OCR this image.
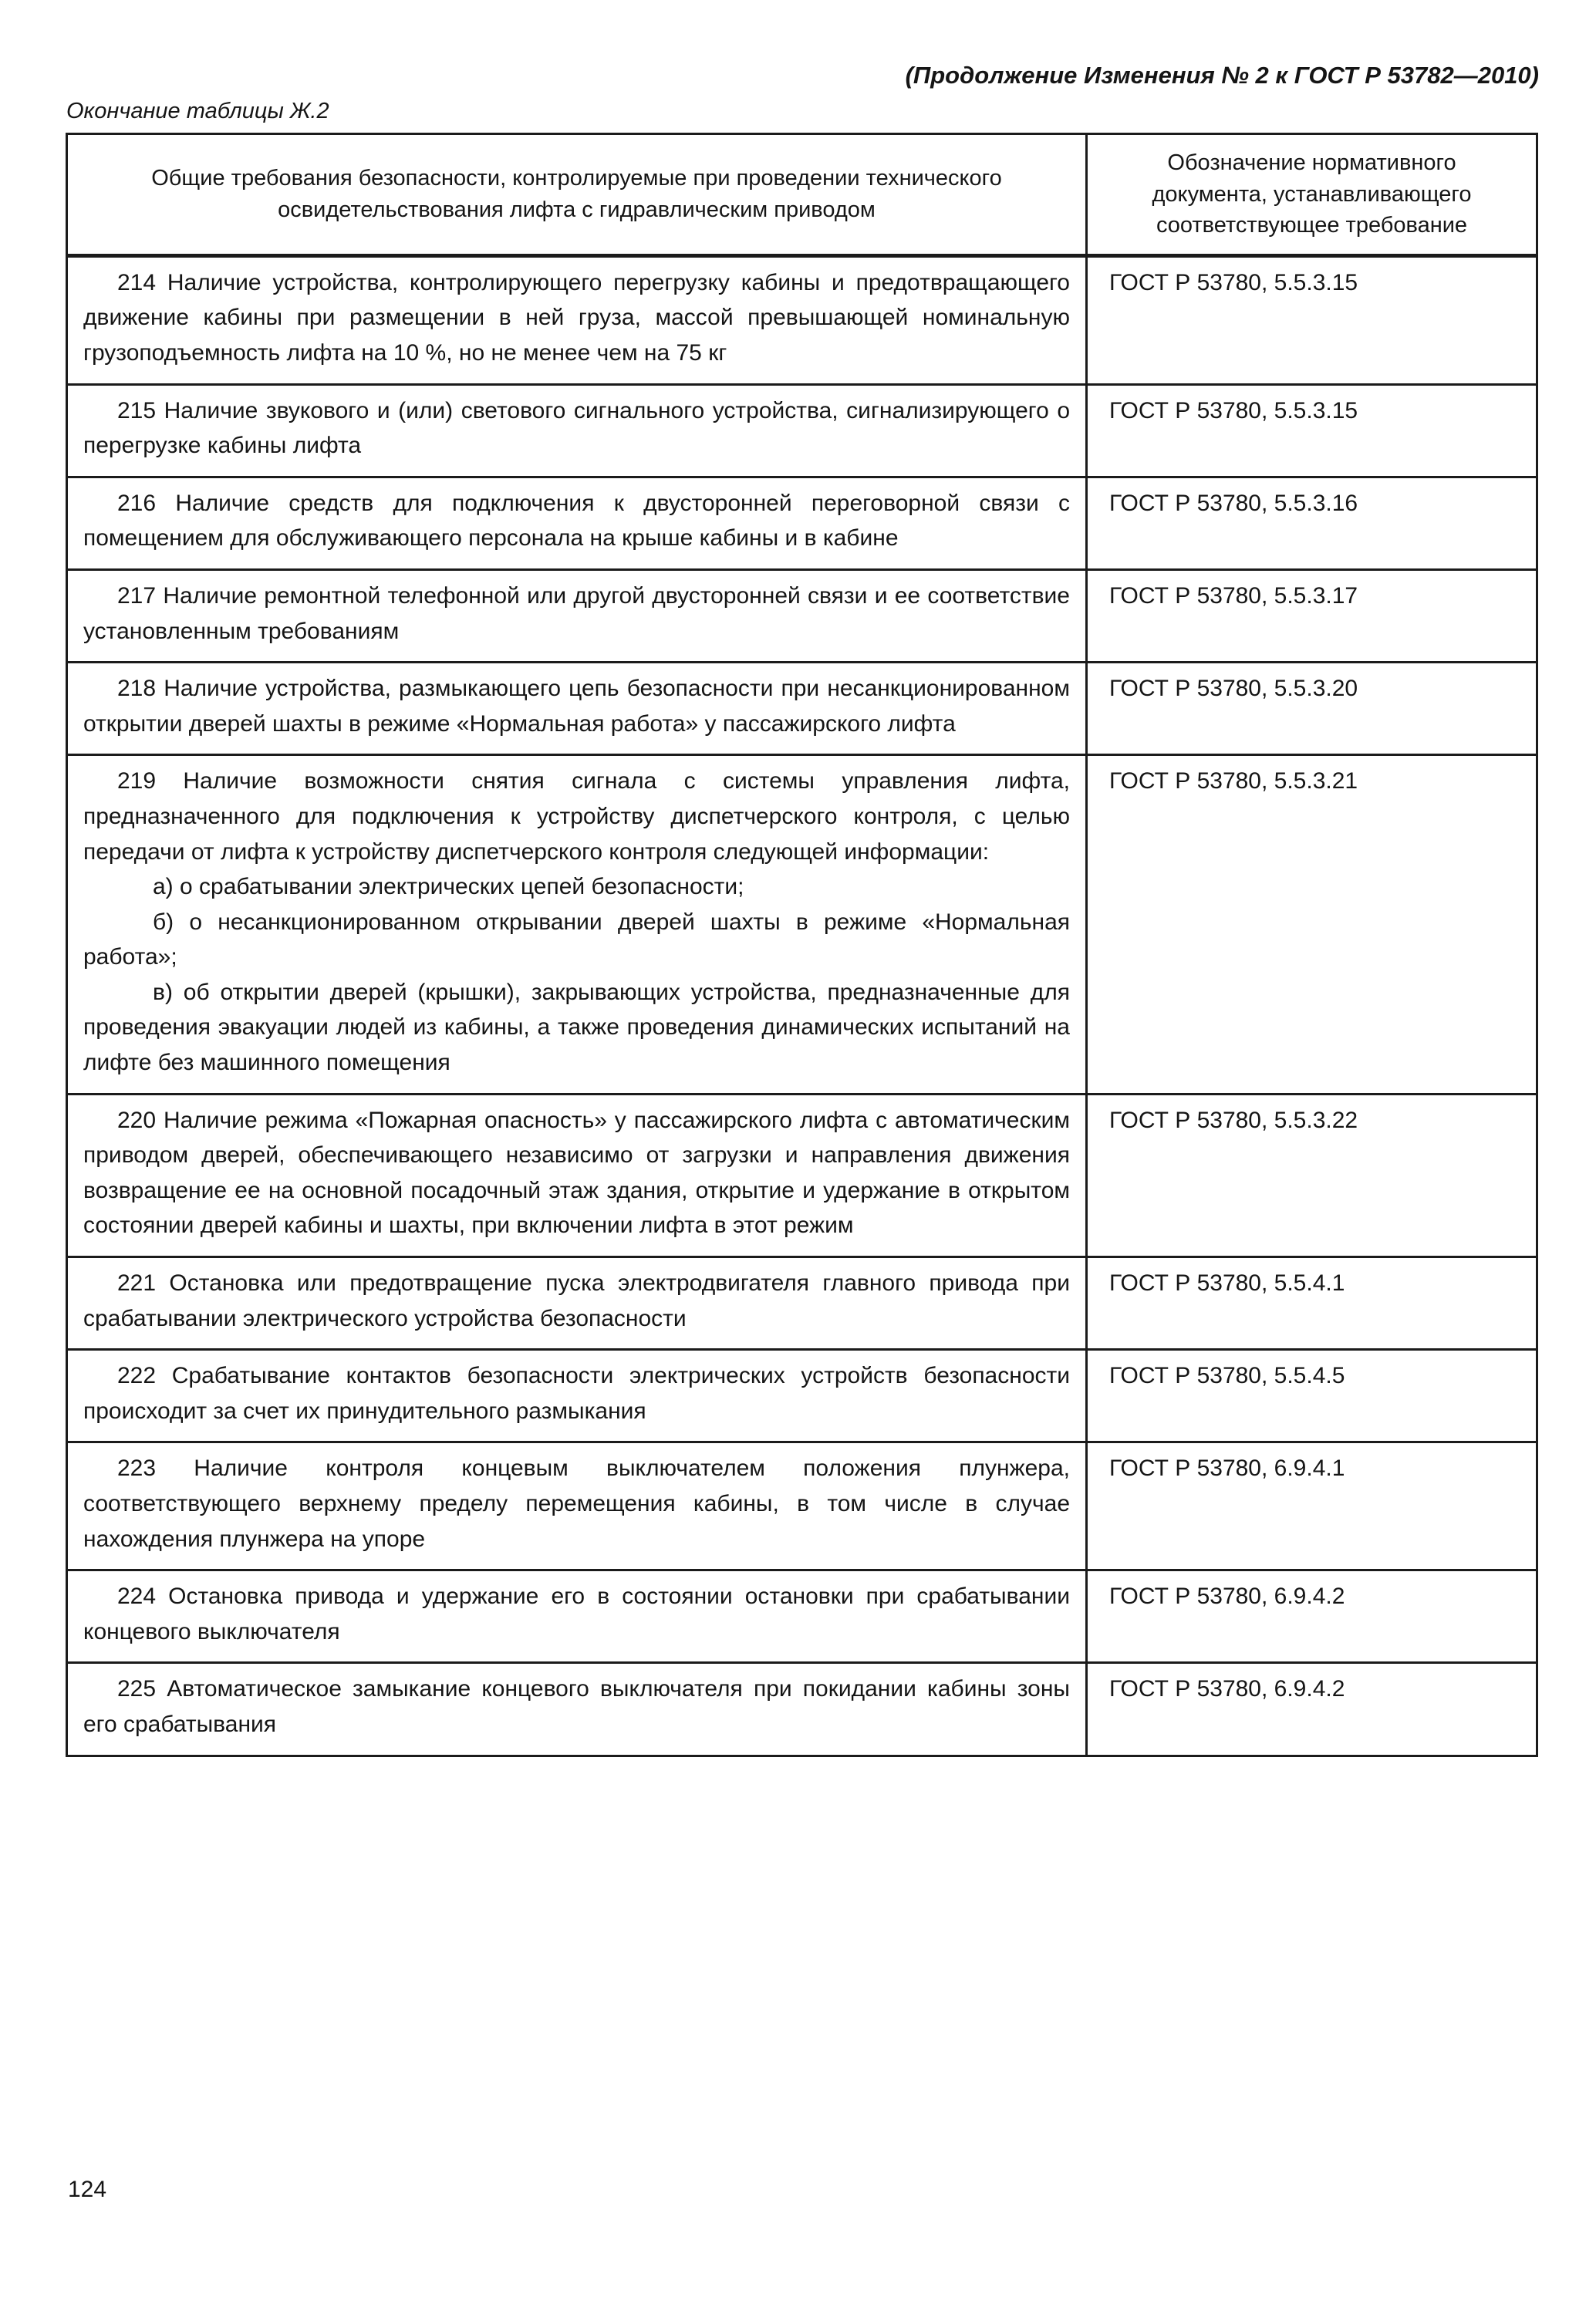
(Продолжение Изменения № 2 к ГОСТ Р 53782—2010)
Окончание таблицы Ж.2
Общие требования безопасности, контролируемые при проведении технического освидетельствования лифта с гидравлическим приводом	Обозначение нормативного документа, устанавливающего соответствующее требование

214 Наличие устройства, контролирующего перегрузку кабины и предотвращающего движение кабины при размещении в ней груза, массой превышающей номинальную грузоподъемность лифта на 10 %, но не менее чем на 75 кг	ГОСТ Р 53780, 5.5.3.15

215 Наличие звукового и (или) светового сигнального устройства, сигнализирующего о перегрузке кабины лифта	ГОСТ Р 53780, 5.5.3.15

216 Наличие средств для подключения к двусторонней переговорной связи с помещением для обслуживающего персонала на крыше кабины и в кабине	ГОСТ Р 53780, 5.5.3.16

217 Наличие ремонтной телефонной или другой двусторонней связи и ее соответствие установленным требованиям	ГОСТ Р 53780, 5.5.3.17

218 Наличие устройства, размыкающего цепь безопасности при несанкционированном открытии дверей шахты в режиме «Нормальная работа» у пассажирского лифта	ГОСТ Р 53780, 5.5.3.20

219 Наличие возможности снятия сигнала с системы управления лифта, предназначенного для подключения к устройству диспетчерского контроля, с целью передачи от лифта к устройству диспетчерского контроля следующей информации:

а) о срабатывании электрических цепей безопасности;

б) о несанкционированном открывании дверей шахты в режиме «Нормальная работа»;

в) об открытии дверей (крышки), закрывающих устройства, предназначенные для проведения эвакуации людей из кабины, а также проведения динамических испытаний на лифте без машинного помещения	ГОСТ Р 53780, 5.5.3.21

220 Наличие режима «Пожарная опасность» у пассажирского лифта с автоматическим приводом дверей, обеспечивающего независимо от загрузки и направления движения возвращение ее на основной посадочный этаж здания, открытие и удержание в открытом состоянии дверей кабины и шахты, при включении лифта в этот режим	ГОСТ Р 53780, 5.5.3.22

221 Остановка или предотвращение пуска электродвигателя главного привода при срабатывании электрического устройства безопасности	ГОСТ Р 53780, 5.5.4.1

222 Срабатывание контактов безопасности электрических устройств безопасности происходит за счет их принудительного размыкания	ГОСТ Р 53780, 5.5.4.5

223 Наличие контроля концевым выключателем положения плунжера, соответствующего верхнему пределу перемещения кабины, в том числе в случае нахождения плунжера на упоре	ГОСТ Р 53780, 6.9.4.1

224 Остановка привода и удержание его в состоянии остановки при срабатывании концевого выключателя	ГОСТ Р 53780, 6.9.4.2

225 Автоматическое замыкание концевого выключателя при покидании кабины зоны его срабатывания	ГОСТ Р 53780, 6.9.4.2
124
